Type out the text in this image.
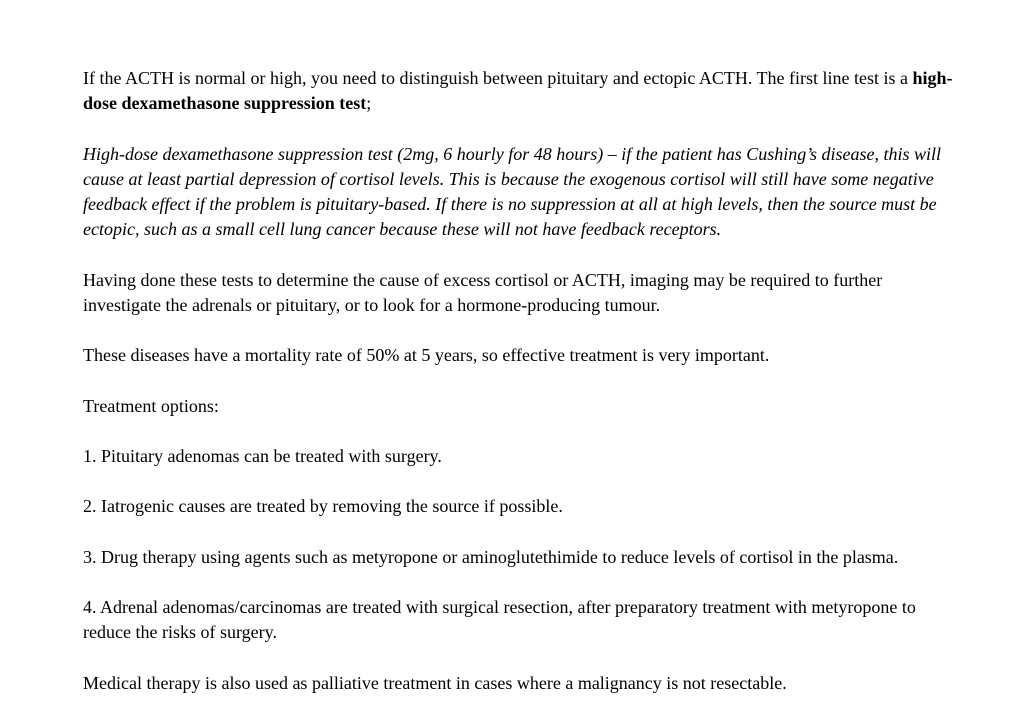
If the ACTH is normal or high, you need to distinguish between pituitary and ectopic ACTH. The first line test is a high-dose dexamethasone suppression test;

High-dose dexamethasone suppression test (2mg, 6 hourly for 48 hours) – if the patient has Cushing’s disease, this will cause at least partial depression of cortisol levels. This is because the exogenous cortisol will still have some negative feedback effect if the problem is pituitary-based. If there is no suppression at all at high levels, then the source must be ectopic, such as a small cell lung cancer because these will not have feedback receptors.

Having done these tests to determine the cause of excess cortisol or ACTH, imaging may be required to further investigate the adrenals or pituitary, or to look for a hormone-producing tumour.

These diseases have a mortality rate of 50% at 5 years, so effective treatment is very important.

Treatment options:

1. Pituitary adenomas can be treated with surgery.

2. Iatrogenic causes are treated by removing the source if possible.

3. Drug therapy using agents such as metyropone or aminoglutethimide to reduce levels of cortisol in the plasma.

4. Adrenal adenomas/carcinomas are treated with surgical resection, after preparatory treatment with metyropone to reduce the risks of surgery.

Medical therapy is also used as palliative treatment in cases where a malignancy is not resectable.
